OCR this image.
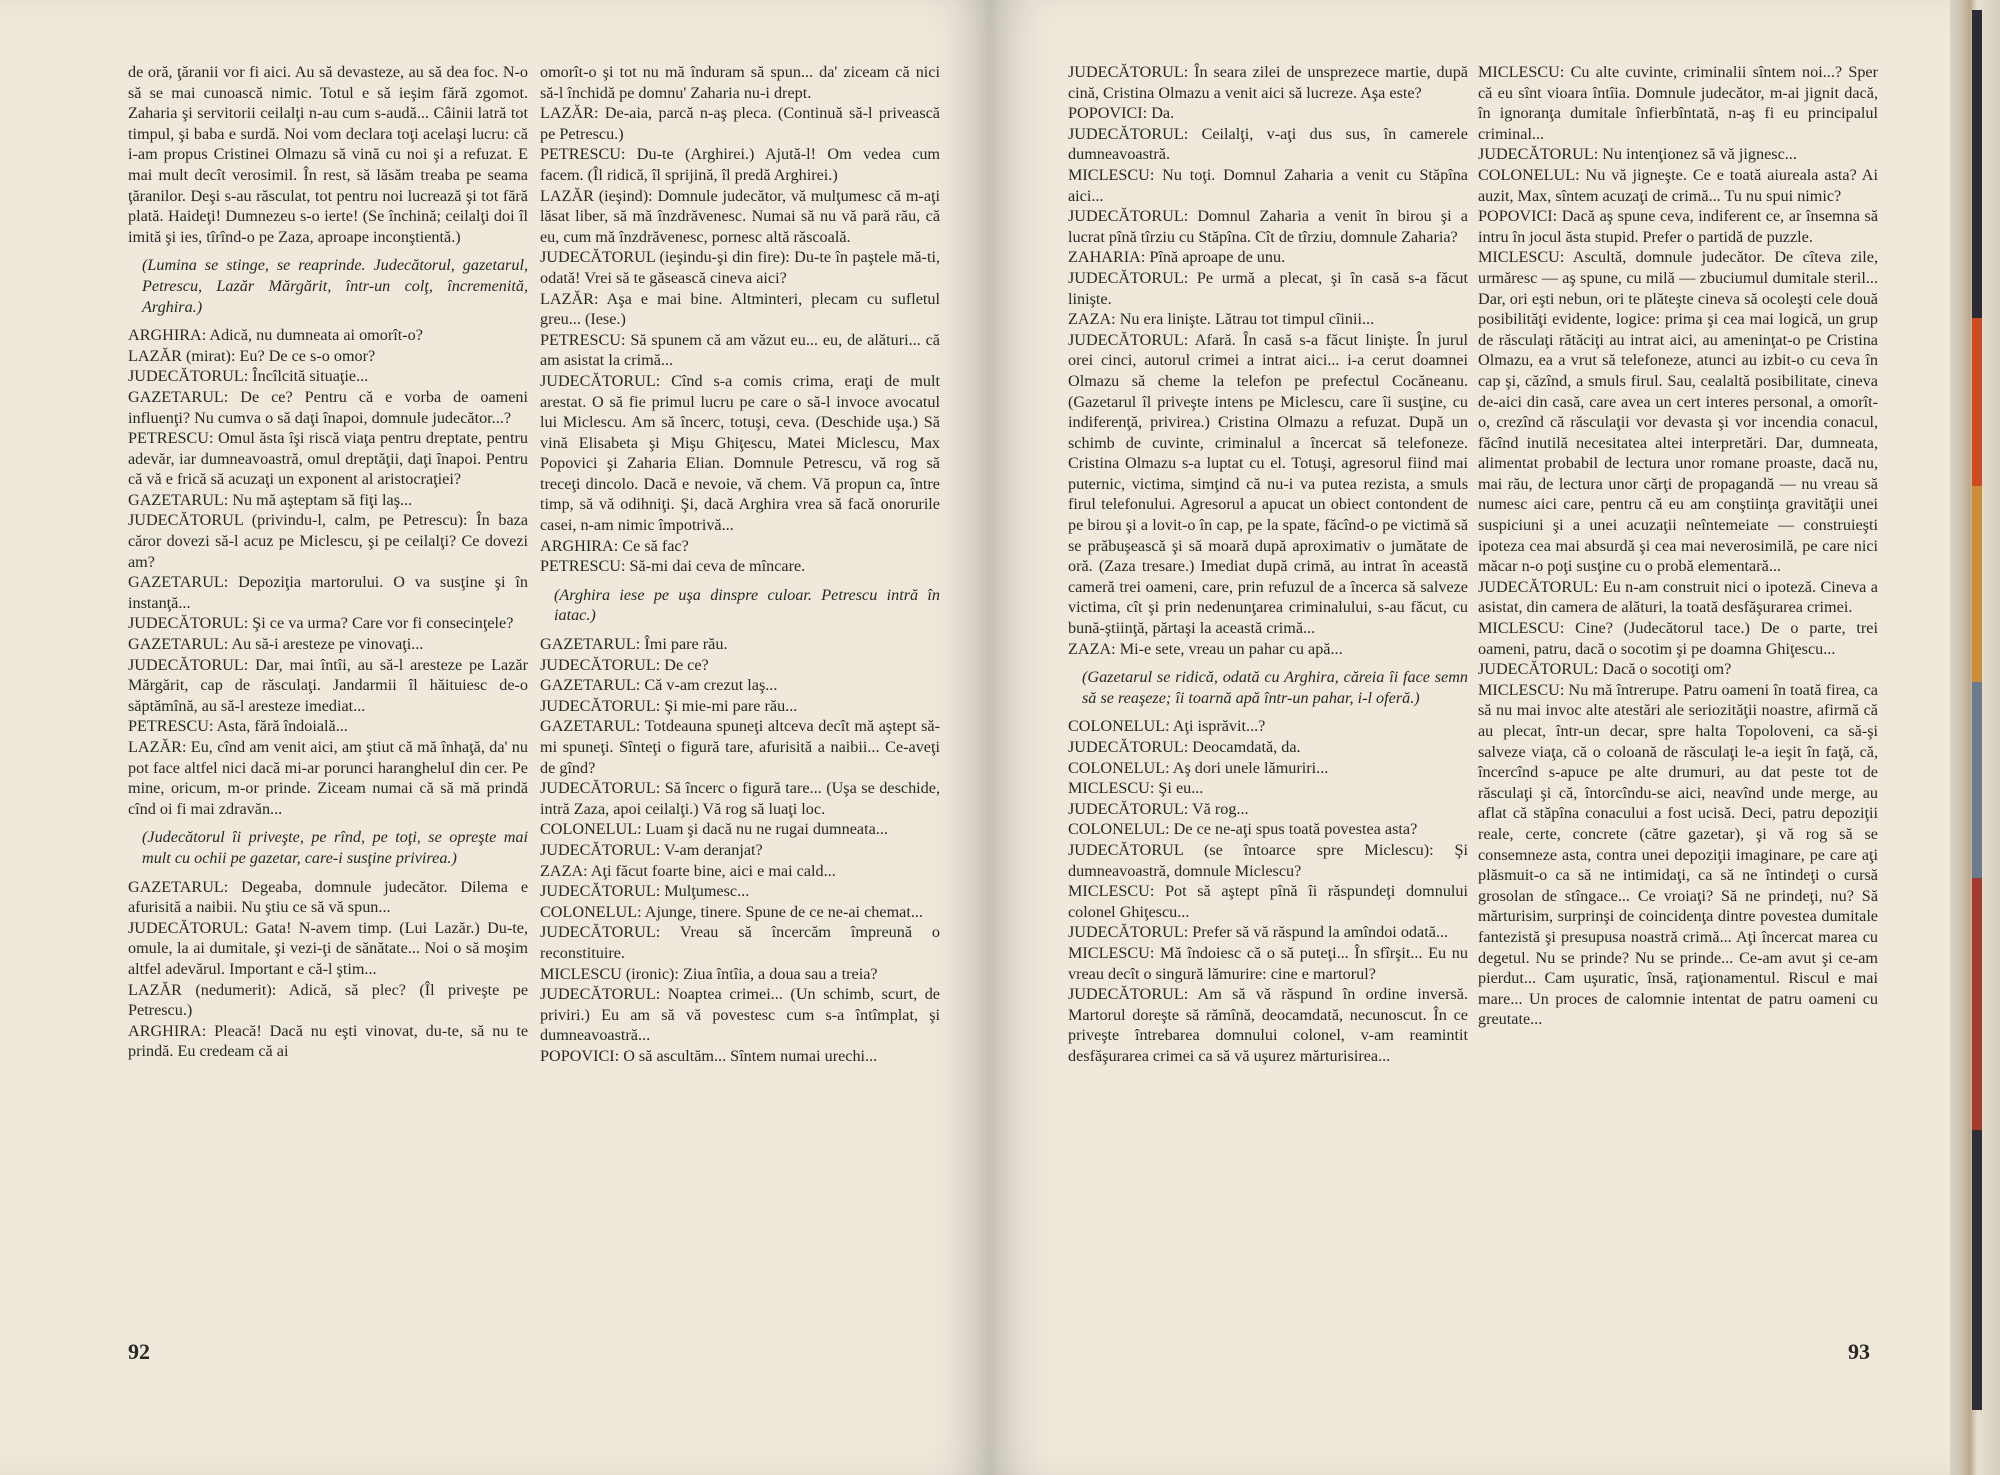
de oră, ţăranii vor fi aici. Au să devasteze, au să dea foc. N-o să se mai cunoască nimic. Totul e să ieşim fără zgomot. Zaharia şi servitorii ceilalţi n-au cum s-audă... Câinii latră tot timpul, şi baba e surdă. Noi vom declara toţi acelaşi lucru: că i-am propus Cristinei Olmazu să vină cu noi şi a refuzat. E mai mult decît verosimil. În rest, să lăsăm treaba pe seama ţăranilor. Deşi s-au răsculat, tot pentru noi lucrează şi tot fără plată. Haideţi! Dumnezeu s-o ierte! (Se închină; ceilalţi doi îl imită şi ies, tîrînd-o pe Zaza, aproape inconştientă.)
(Lumina se stinge, se reaprinde. Judecătorul, gazetarul, Petrescu, Lazăr Mărgărit, într-un colţ, încremenită, Arghira.)
ARGHIRA: Adică, nu dumneata ai omorît-o?
LAZĂR (mirat): Eu? De ce s-o omor?
JUDECĂTORUL: Încîlcită situaţie...
GAZETARUL: De ce? Pentru că e vorba de oameni influenţi? Nu cumva o să daţi înapoi, domnule judecător...?
PETRESCU: Omul ăsta îşi riscă viaţa pentru dreptate, pentru adevăr, iar dumneavoastră, omul dreptăţii, daţi înapoi. Pentru că vă e frică să acuzaţi un exponent al aristocraţiei?
GAZETARUL: Nu mă aşteptam să fiţi laş...
JUDECĂTORUL (privindu-l, calm, pe Petrescu): În baza căror dovezi să-l acuz pe Miclescu, şi pe ceilalţi? Ce dovezi am?
GAZETARUL: Depoziţia martorului. O va susţine şi în instanţă...
JUDECĂTORUL: Şi ce va urma? Care vor fi consecinţele?
GAZETARUL: Au să-i aresteze pe vinovaţi...
JUDECĂTORUL: Dar, mai întîi, au să-l aresteze pe Lazăr Mărgărit, cap de răsculaţi. Jandarmii îl hăituiesc de-o săptămînă, au să-l aresteze imediat...
PETRESCU: Asta, fără îndoială...
LAZĂR: Eu, cînd am venit aici, am ştiut că mă înhaţă, da' nu pot face altfel nici dacă mi-ar porunci harangheluI din cer. Pe mine, oricum, m-or prinde. Ziceam numai că să mă prindă cînd oi fi mai zdravăn...
(Judecătorul îi priveşte, pe rînd, pe toţi, se opreşte mai mult cu ochii pe gazetar, care-i susţine privirea.)
GAZETARUL: Degeaba, domnule judecător. Dilema e afurisită a naibii. Nu ştiu ce să vă spun...
JUDECĂTORUL: Gata! N-avem timp. (Lui Lazăr.) Du-te, omule, la ai dumitale, şi vezi-ţi de sănătate... Noi o să moşim altfel adevărul. Important e că-l ştim...
LAZĂR (nedumerit): Adică, să plec? (Îl priveşte pe Petrescu.)
ARGHIRA: Pleacă! Dacă nu eşti vinovat, du-te, să nu te prindă. Eu credeam că ai
omorît-o şi tot nu mă înduram să spun... da' ziceam că nici să-l închidă pe domnu' Zaharia nu-i drept.
LAZĂR: De-aia, parcă n-aş pleca. (Continuă să-l privească pe Petrescu.)
PETRESCU: Du-te (Arghirei.) Ajută-l! Om vedea cum facem. (Îl ridică, îl sprijină, îl predă Arghirei.)
LAZĂR (ieşind): Domnule judecător, vă mulţumesc că m-aţi lăsat liber, să mă înzdrăvenesc. Numai să nu vă pară rău, că eu, cum mă înzdrăvenesc, pornesc altă răscoală.
JUDECĂTORUL (ieşindu-şi din fire): Du-te în paştele mă-ti, odată! Vrei să te găsească cineva aici?
LAZĂR: Aşa e mai bine. Altminteri, plecam cu sufletul greu... (Iese.)
PETRESCU: Să spunem că am văzut eu... eu, de alături... că am asistat la crimă...
JUDECĂTORUL: Cînd s-a comis crima, eraţi de mult arestat. O să fie primul lucru pe care o să-l invoce avocatul lui Miclescu. Am să încerc, totuşi, ceva. (Deschide uşa.) Să vină Elisabeta şi Mişu Ghiţescu, Matei Miclescu, Max Popovici şi Zaharia Elian. Domnule Petrescu, vă rog să treceţi dincolo. Dacă e nevoie, vă chem. Vă propun ca, între timp, să vă odihniţi. Şi, dacă Arghira vrea să facă onorurile casei, n-am nimic împotrivă...
ARGHIRA: Ce să fac?
PETRESCU: Să-mi dai ceva de mîncare.
(Arghira iese pe uşa dinspre culoar. Petrescu intră în iatac.)
GAZETARUL: Îmi pare rău.
JUDECĂTORUL: De ce?
GAZETARUL: Că v-am crezut laş...
JUDECĂTORUL: Şi mie-mi pare rău...
GAZETARUL: Totdeauna spuneţi altceva decît mă aştept să-mi spuneţi. Sînteţi o figură tare, afurisită a naibii... Ce-aveţi de gînd?
JUDECĂTORUL: Să încerc o figură tare... (Uşa se deschide, intră Zaza, apoi ceilalţi.) Vă rog să luaţi loc.
COLONELUL: Luam şi dacă nu ne rugai dumneata...
JUDECĂTORUL: V-am deranjat?
ZAZA: Aţi făcut foarte bine, aici e mai cald...
JUDECĂTORUL: Mulţumesc...
COLONELUL: Ajunge, tinere. Spune de ce ne-ai chemat...
JUDECĂTORUL: Vreau să încercăm împreună o reconstituire.
MICLESCU (ironic): Ziua întîia, a doua sau a treia?
JUDECĂTORUL: Noaptea crimei... (Un schimb, scurt, de priviri.) Eu am să vă povestesc cum s-a întîmplat, şi dumneavoastră...
POPOVICI: O să ascultăm... Sîntem numai urechi...
92
JUDECĂTORUL: În seara zilei de unsprezece martie, după cină, Cristina Olmazu a venit aici să lucreze. Aşa este?
POPOVICI: Da.
JUDECĂTORUL: Ceilalţi, v-aţi dus sus, în camerele dumneavoastră.
MICLESCU: Nu toţi. Domnul Zaharia a venit cu Stăpîna aici...
JUDECĂTORUL: Domnul Zaharia a venit în birou şi a lucrat pînă tîrziu cu Stăpîna. Cît de tîrziu, domnule Zaharia?
ZAHARIA: Pînă aproape de unu.
JUDECĂTORUL: Pe urmă a plecat, şi în casă s-a făcut linişte.
ZAZA: Nu era linişte. Lătrau tot timpul cîinii...
JUDECĂTORUL: Afară. În casă s-a făcut linişte. În jurul orei cinci, autorul crimei a intrat aici... i-a cerut doamnei Olmazu să cheme la telefon pe prefectul Cocăneanu. (Gazetarul îl priveşte intens pe Miclescu, care îi susţine, cu indiferenţă, privirea.) Cristina Olmazu a refuzat. După un schimb de cuvinte, criminalul a încercat să telefoneze. Cristina Olmazu s-a luptat cu el. Totuşi, agresorul fiind mai puternic, victima, simţind că nu-i va putea rezista, a smuls firul telefonului. Agresorul a apucat un obiect contondent de pe birou şi a lovit-o în cap, pe la spate, făcînd-o pe victimă să se prăbuşească şi să moară după aproximativ o jumătate de oră. (Zaza tresare.) Imediat după crimă, au intrat în această cameră trei oameni, care, prin refuzul de a încerca să salveze victima, cît şi prin nedenunţarea criminalului, s-au făcut, cu bună-ştiinţă, părtaşi la această crimă...
ZAZA: Mi-e sete, vreau un pahar cu apă...
(Gazetarul se ridică, odată cu Arghira, căreia îi face semn să se reaşeze; îi toarnă apă într-un pahar, i-l oferă.)
COLONELUL: Aţi isprăvit...?
JUDECĂTORUL: Deocamdată, da.
COLONELUL: Aş dori unele lămuriri...
MICLESCU: Şi eu...
JUDECĂTORUL: Vă rog...
COLONELUL: De ce ne-aţi spus toată povestea asta?
JUDECĂTORUL (se întoarce spre Miclescu): Şi dumneavoastră, domnule Miclescu?
MICLESCU: Pot să aştept pînă îi răspundeţi domnului colonel Ghiţescu...
JUDECĂTORUL: Prefer să vă răspund la amîndoi odată...
MICLESCU: Mă îndoiesc că o să puteţi... În sfîrşit... Eu nu vreau decît o singură lămurire: cine e martorul?
JUDECĂTORUL: Am să vă răspund în ordine inversă. Martorul doreşte să rămînă, deocamdată, necunoscut. În ce priveşte întrebarea domnului colonel, v-am reamintit desfăşurarea crimei ca să vă uşurez mărturisirea...
MICLESCU: Cu alte cuvinte, criminalii sîntem noi...? Sper că eu sînt vioara întîia. Domnule judecător, m-ai jignit dacă, în ignoranţa dumitale înfierbîntată, n-aş fi eu principalul criminal...
JUDECĂTORUL: Nu intenţionez să vă jignesc...
COLONELUL: Nu vă jigneşte. Ce e toată aiureala asta? Ai auzit, Max, sîntem acuzaţi de crimă... Tu nu spui nimic?
POPOVICI: Dacă aş spune ceva, indiferent ce, ar însemna să intru în jocul ăsta stupid. Prefer o partidă de puzzle.
MICLESCU: Ascultă, domnule judecător. De cîteva zile, urmăresc — aş spune, cu milă — zbuciumul dumitale steril... Dar, ori eşti nebun, ori te plăteşte cineva să ocoleşti cele două posibilităţi evidente, logice: prima şi cea mai logică, un grup de răsculaţi rătăciţi au intrat aici, au ameninţat-o pe Cristina Olmazu, ea a vrut să telefoneze, atunci au izbit-o cu ceva în cap şi, căzînd, a smuls firul. Sau, cealaltă posibilitate, cineva de-aici din casă, care avea un cert interes personal, a omorît-o, crezînd că răsculaţii vor devasta şi vor incendia conacul, făcînd inutilă necesitatea altei interpretări. Dar, dumneata, alimentat probabil de lectura unor romane proaste, dacă nu, mai rău, de lectura unor cărţi de propagandă — nu vreau să numesc aici care, pentru că eu am conştiinţa gravităţii unei suspiciuni şi a unei acuzaţii neîntemeiate — construieşti ipoteza cea mai absurdă şi cea mai neverosimilă, pe care nici măcar n-o poţi susţine cu o probă elementară...
JUDECĂTORUL: Eu n-am construit nici o ipoteză. Cineva a asistat, din camera de alături, la toată desfăşurarea crimei.
MICLESCU: Cine? (Judecătorul tace.) De o parte, trei oameni, patru, dacă o socotim şi pe doamna Ghiţescu...
JUDECĂTORUL: Dacă o socotiţi om?
MICLESCU: Nu mă întrerupe. Patru oameni în toată firea, ca să nu mai invoc alte atestări ale seriozităţii noastre, afirmă că au plecat, într-un decar, spre halta Topoloveni, ca să-şi salveze viaţa, că o coloană de răsculaţi le-a ieşit în faţă, că, încercînd s-apuce pe alte drumuri, au dat peste tot de răsculaţi şi că, întorcîndu-se aici, neavînd unde merge, au aflat că stăpîna conacului a fost ucisă. Deci, patru depoziţii reale, certe, concrete (către gazetar), şi vă rog să se consemneze asta, contra unei depoziţii imaginare, pe care aţi plăsmuit-o ca să ne intimidaţi, ca să ne întindeţi o cursă grosolan de stîngace... Ce vroiaţi? Să ne prindeţi, nu? Să mărturisim, surprinşi de coincidenţa dintre povestea dumitale fantezistă şi presupusa noastră crimă... Aţi încercat marea cu degetul. Nu se prinde? Nu se prinde... Ce-am avut şi ce-am pierdut... Cam uşuratic, însă, raţionamentul. Riscul e mai mare... Un proces de calomnie intentat de patru oameni cu greutate...
93
